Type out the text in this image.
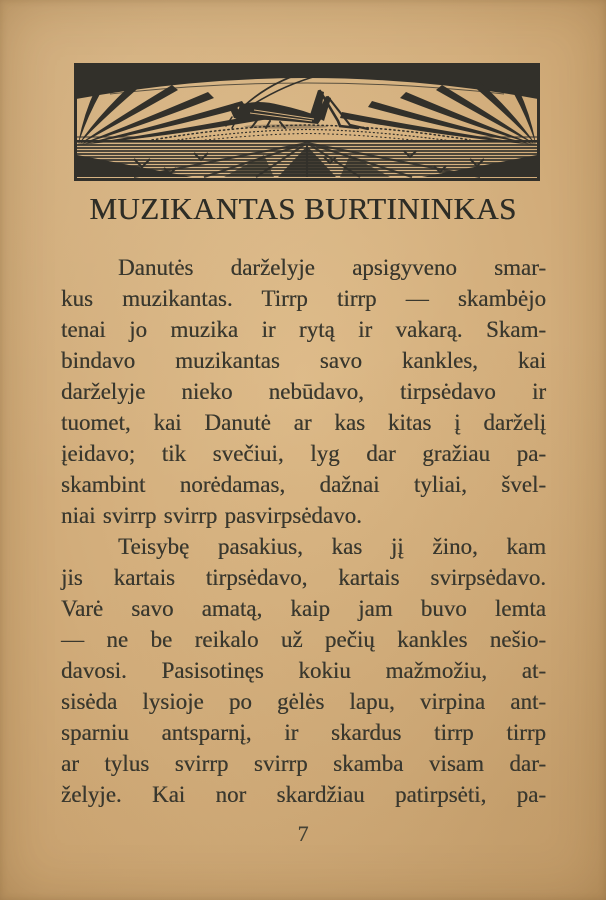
MUZIKANTAS BURTININKAS
Danutės darželyje apsigyveno smar-
kus muzikantas. Tirrp tirrp — skambėjo
tenai jo muzika ir rytą ir vakarą. Skam-
bindavo muzikantas savo kankles, kai
darželyje nieko nebūdavo, tirpsėdavo ir
tuomet, kai Danutė ar kas kitas į darželį
įeidavo; tik svečiui, lyg dar gražiau pa-
skambint norėdamas, dažnai tyliai, švel-
niai svirrp svirrp pasvirpsėdavo.
Teisybę pasakius, kas jį žino, kam
jis kartais tirpsėdavo, kartais svirpsėdavo.
Varė savo amatą, kaip jam buvo lemta
— ne be reikalo už pečių kankles nešio-
davosi. Pasisotinęs kokiu mažmožiu, at-
sisėda lysioje po gėlės lapu, virpina ant-
sparniu antsparnį, ir skardus tirrp tirrp
ar tylus svirrp svirrp skamba visam dar-
želyje. Kai nor skardžiau patirpsėti, pa-
7
